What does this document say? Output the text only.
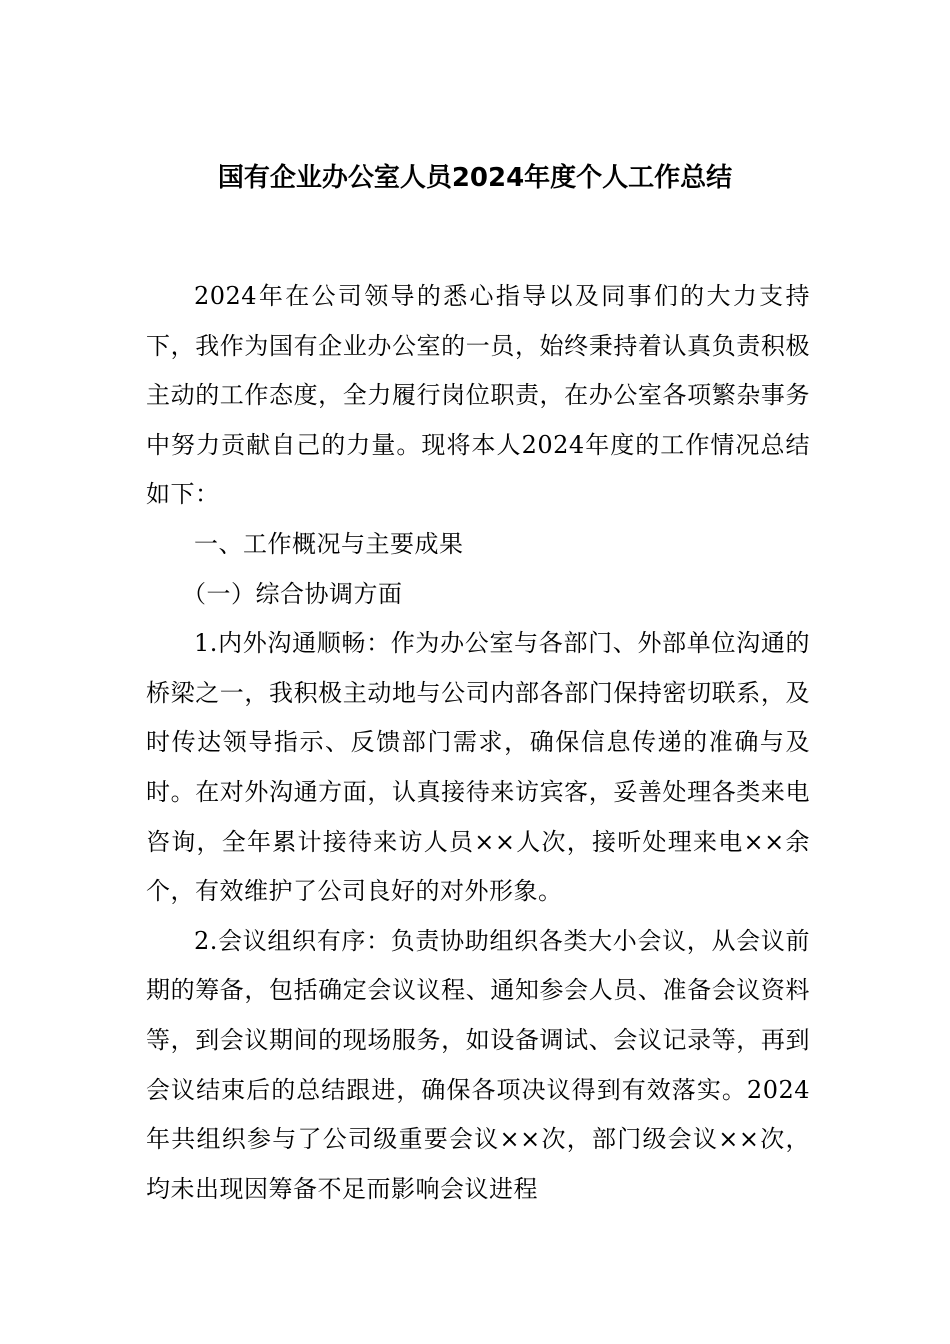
国有企业办公室人员2024年度个人工作总结

2024年在公司领导的悉心指导以及同事们的大力支持下，我作为国有企业办公室的一员，始终秉持着认真负责积极主动的工作态度，全力履行岗位职责，在办公室各项繁杂事务中努力贡献自己的力量。现将本人2024年度的工作情况总结如下：

一、工作概况与主要成果

（一）综合协调方面

1.内外沟通顺畅：作为办公室与各部门、外部单位沟通的桥梁之一，我积极主动地与公司内部各部门保持密切联系，及时传达领导指示、反馈部门需求，确保信息传递的准确与及时。在对外沟通方面，认真接待来访宾客，妥善处理各类来电咨询，全年累计接待来访人员××人次，接听处理来电××余个，有效维护了公司良好的对外形象。

2.会议组织有序：负责协助组织各类大小会议，从会议前期的筹备，包括确定会议议程、通知参会人员、准备会议资料等，到会议期间的现场服务，如设备调试、会议记录等，再到会议结束后的总结跟进，确保各项决议得到有效落实。2024年共组织参与了公司级重要会议××次，部门级会议××次，均未出现因筹备不足而影响会议进程
